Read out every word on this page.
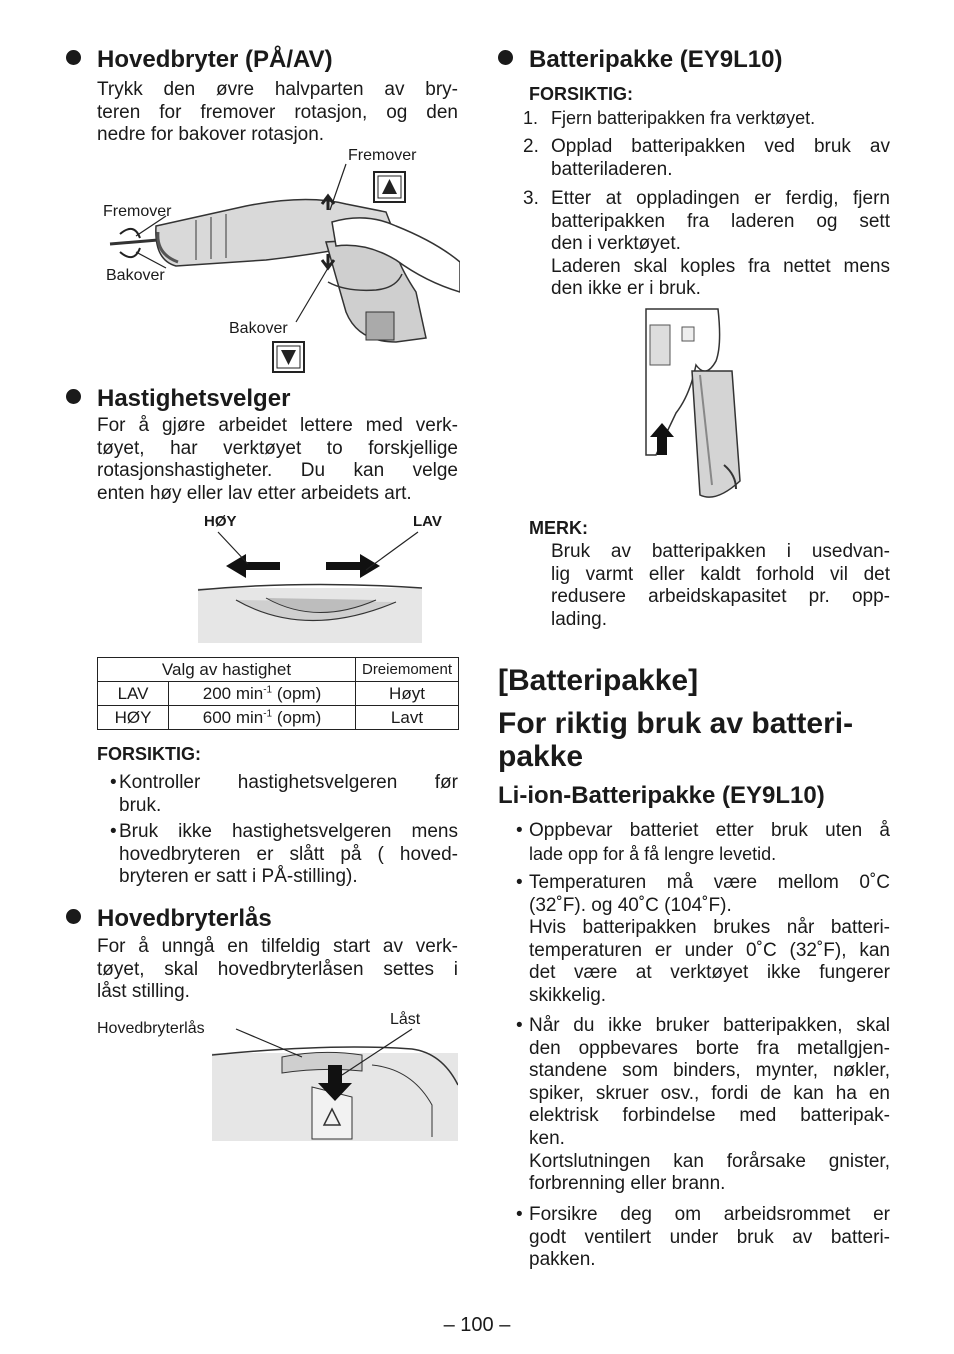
Hovedbryter (PÅ/AV)
Trykk den øvre halvparten av bry-
teren for fremover rotasjon, og den
nedre for bakover rotasjon.
Fremover
Fremover
Bakover
Bakover
Hastighetsvelger
For å gjøre arbeidet lettere med verk-
tøyet, har verktøyet to forskjellige
rotasjonshastigheter. Du kan velge
enten høy eller lav etter arbeidets art.
HØY	LAV
Valg av hastighet		Dreiemoment
LAV	200 $\min^{-1} (opm)$	Høyt
HØY	600 $\min^{-1} (opm)$	Lavt
FORSIKTIG:
• Kontroller hastighetsvelgeren før
bruk.
• Bruk ikke hastighetsvelgeren mens
hovedbryteren er slått på ( hoved-
bryteren er satt i PÅ-stilling).
Hovedbryterlås
For å unngå en tilfeldig start av verk-
tøyet, skal hovedbryterlåsen settes i
låst stilling.
Hovedbryterlås
Låst
Batteripakke (EY9L10)
FORSIKTIG:
1. Fjern batteripakken fra verktøyet.
2. Opplad batteripakken ved bruk av
batteriladeren.
3. Etter at oppladingen er ferdig, fjern
batteripakken fra laderen og sett
den i verktøyet.
Laderen skal koples fra nettet mens
den ikke er i bruk.
MERK:
Bruk av batteripakken i usedvan-
lig varmt eller kaldt forhold vil det
redusere arbeidskapasitet pr. opp-
lading.
[Batteripakke]
For riktig bruk av batteri-
pakke
Li-ion-Batteripakke (EY9L10)
• Oppbevar batteriet etter bruk uten å
lade opp for å få lengre levetid.
• Temperaturen må være mellom 0˚C
(32˚F). og 40˚C (104˚F).
Hvis batteripakken brukes når batteri-
temperaturen er under 0˚C (32˚F), kan
det være at verktøyet ikke fungerer
skikkelig.
• Når du ikke bruker batteripakken, skal
den oppbevares borte fra metallgjen-
standene som binders, mynter, nøkler,
spiker, skruer osv., fordi de kan ha en
elektrisk forbindelse med batteripak-
ken.
Kortslutningen kan forårsake gnister,
forbrenning eller brann.
• Forsikre deg om arbeidsrommet er
godt ventilert under bruk av batteri-
pakken.
– 100 –
